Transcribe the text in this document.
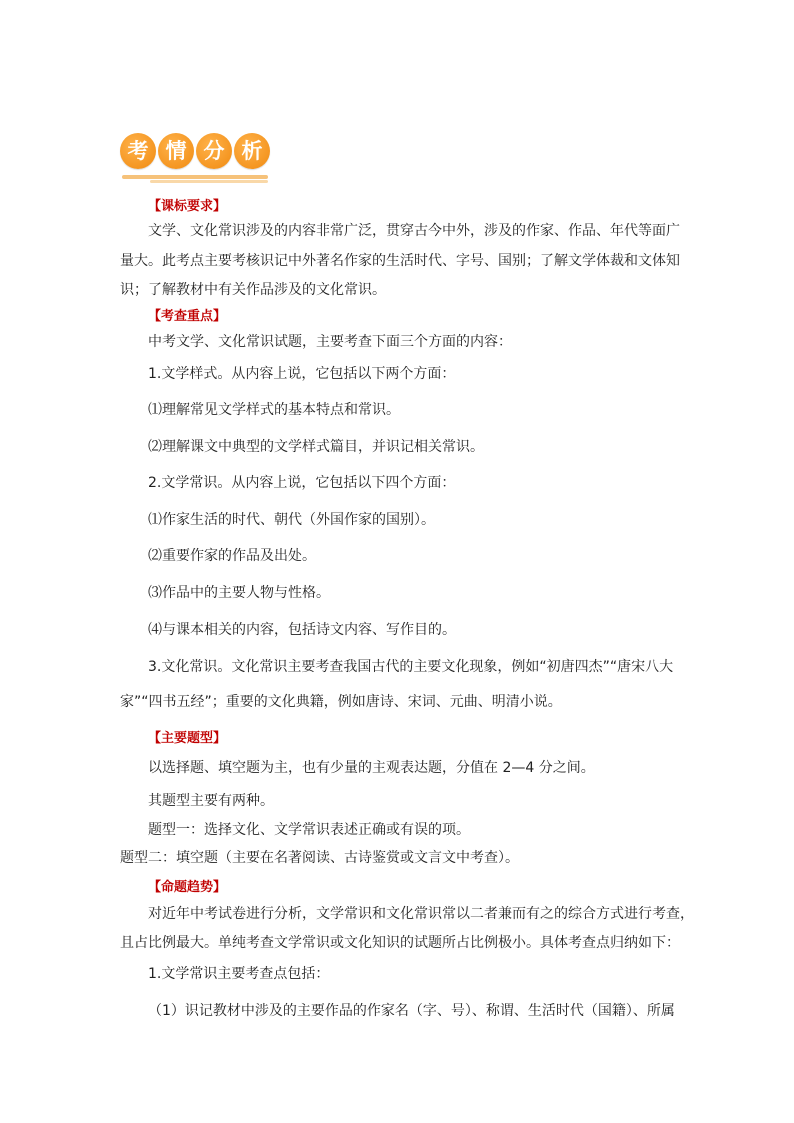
考 情 分 析
【课标要求】
文学、文化常识涉及的内容非常广泛，贯穿古今中外，涉及的作家、作品、年代等面广
量大。此考点主要考核识记中外著名作家的生活时代、字号、国别；了解文学体裁和文体知
识；了解教材中有关作品涉及的文化常识。
【考查重点】
中考文学、文化常识试题，主要考查下面三个方面的内容：
1.文学样式。从内容上说，它包括以下两个方面：
⑴理解常见文学样式的基本特点和常识。
⑵理解课文中典型的文学样式篇目，并识记相关常识。
2.文学常识。从内容上说，它包括以下四个方面：
⑴作家生活的时代、朝代（外国作家的国别）。
⑵重要作家的作品及出处。
⑶作品中的主要人物与性格。
⑷与课本相关的内容，包括诗文内容、写作目的。
3.文化常识。文化常识主要考查我国古代的主要文化现象，例如“初唐四杰”“唐宋八大
家”“四书五经”；重要的文化典籍，例如唐诗、宋词、元曲、明清小说。
【主要题型】
以选择题、填空题为主，也有少量的主观表达题，分值在 2—4 分之间。
其题型主要有两种。
题型一：选择文化、文学常识表述正确或有误的项。
题型二：填空题（主要在名著阅读、古诗鉴赏或文言文中考查）。
【命题趋势】
对近年中考试卷进行分析，文学常识和文化常识常以二者兼而有之的综合方式进行考查，
且占比例最大。单纯考查文学常识或文化知识的试题所占比例极小。具体考查点归纳如下：
1.文学常识主要考查点包括：
（1）识记教材中涉及的主要作品的作家名（字、号）、称谓、生活时代（国籍）、所属
